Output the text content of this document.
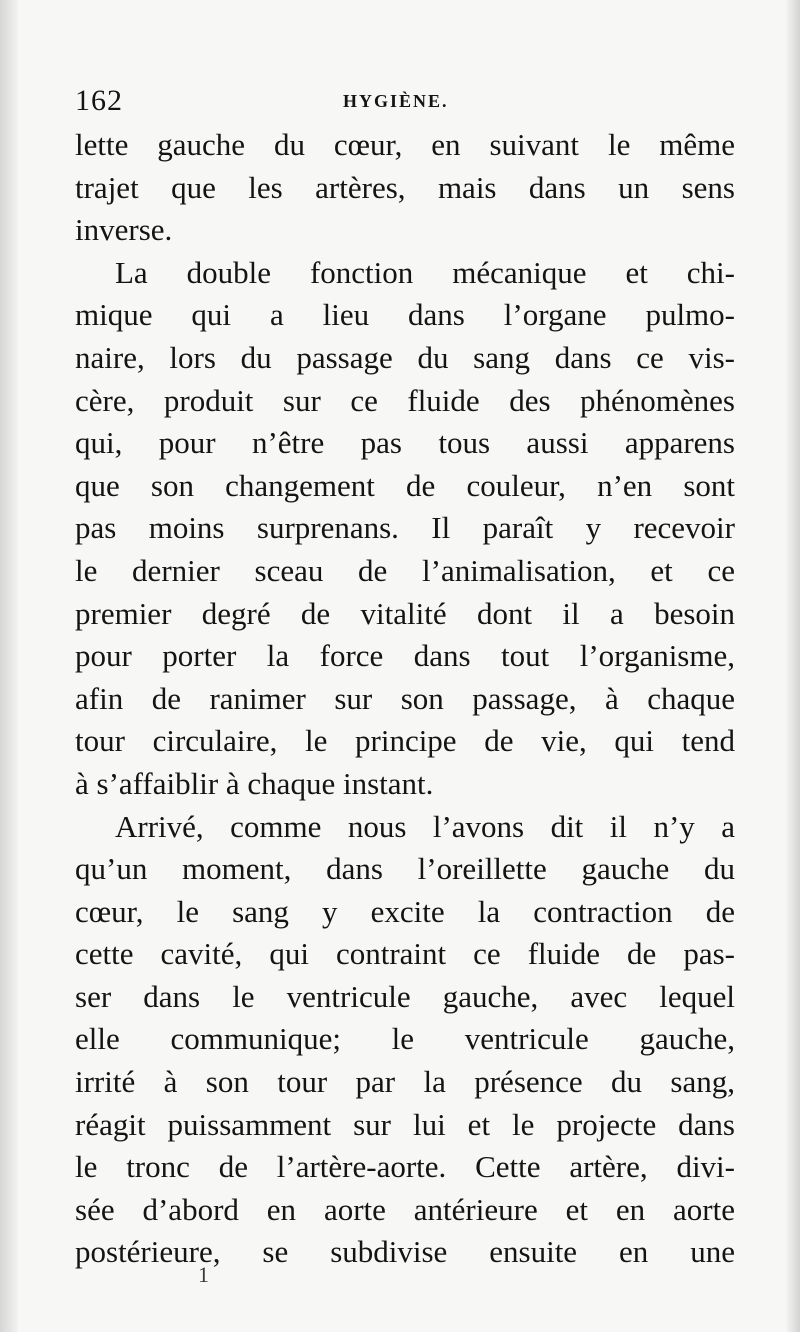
162	HYGIÈNE.
lette gauche du cœur, en suivant le même
trajet que les artères, mais dans un sens
inverse.
La double fonction mécanique et chi-
mique qui a lieu dans l’organe pulmo-
naire, lors du passage du sang dans ce vis-
cère, produit sur ce fluide des phénomènes
qui, pour n’être pas tous aussi apparens
que son changement de couleur, n’en sont
pas moins surprenans. Il paraît y recevoir
le dernier sceau de l’animalisation, et ce
premier degré de vitalité dont il a besoin
pour porter la force dans tout l’organisme,
afin de ranimer sur son passage, à chaque
tour circulaire, le principe de vie, qui tend
à s’affaiblir à chaque instant.
Arrivé, comme nous l’avons dit il n’y a
qu’un moment, dans l’oreillette gauche du
cœur, le sang y excite la contraction de
cette cavité, qui contraint ce fluide de pas-
ser dans le ventricule gauche, avec lequel
elle communique; le ventricule gauche,
irrité à son tour par la présence du sang,
réagit puissamment sur lui et le projecte dans
le tronc de l’artère-aorte. Cette artère, divi-
sée d’abord en aorte antérieure et en aorte
postérieure, se subdivise ensuite en une
1
